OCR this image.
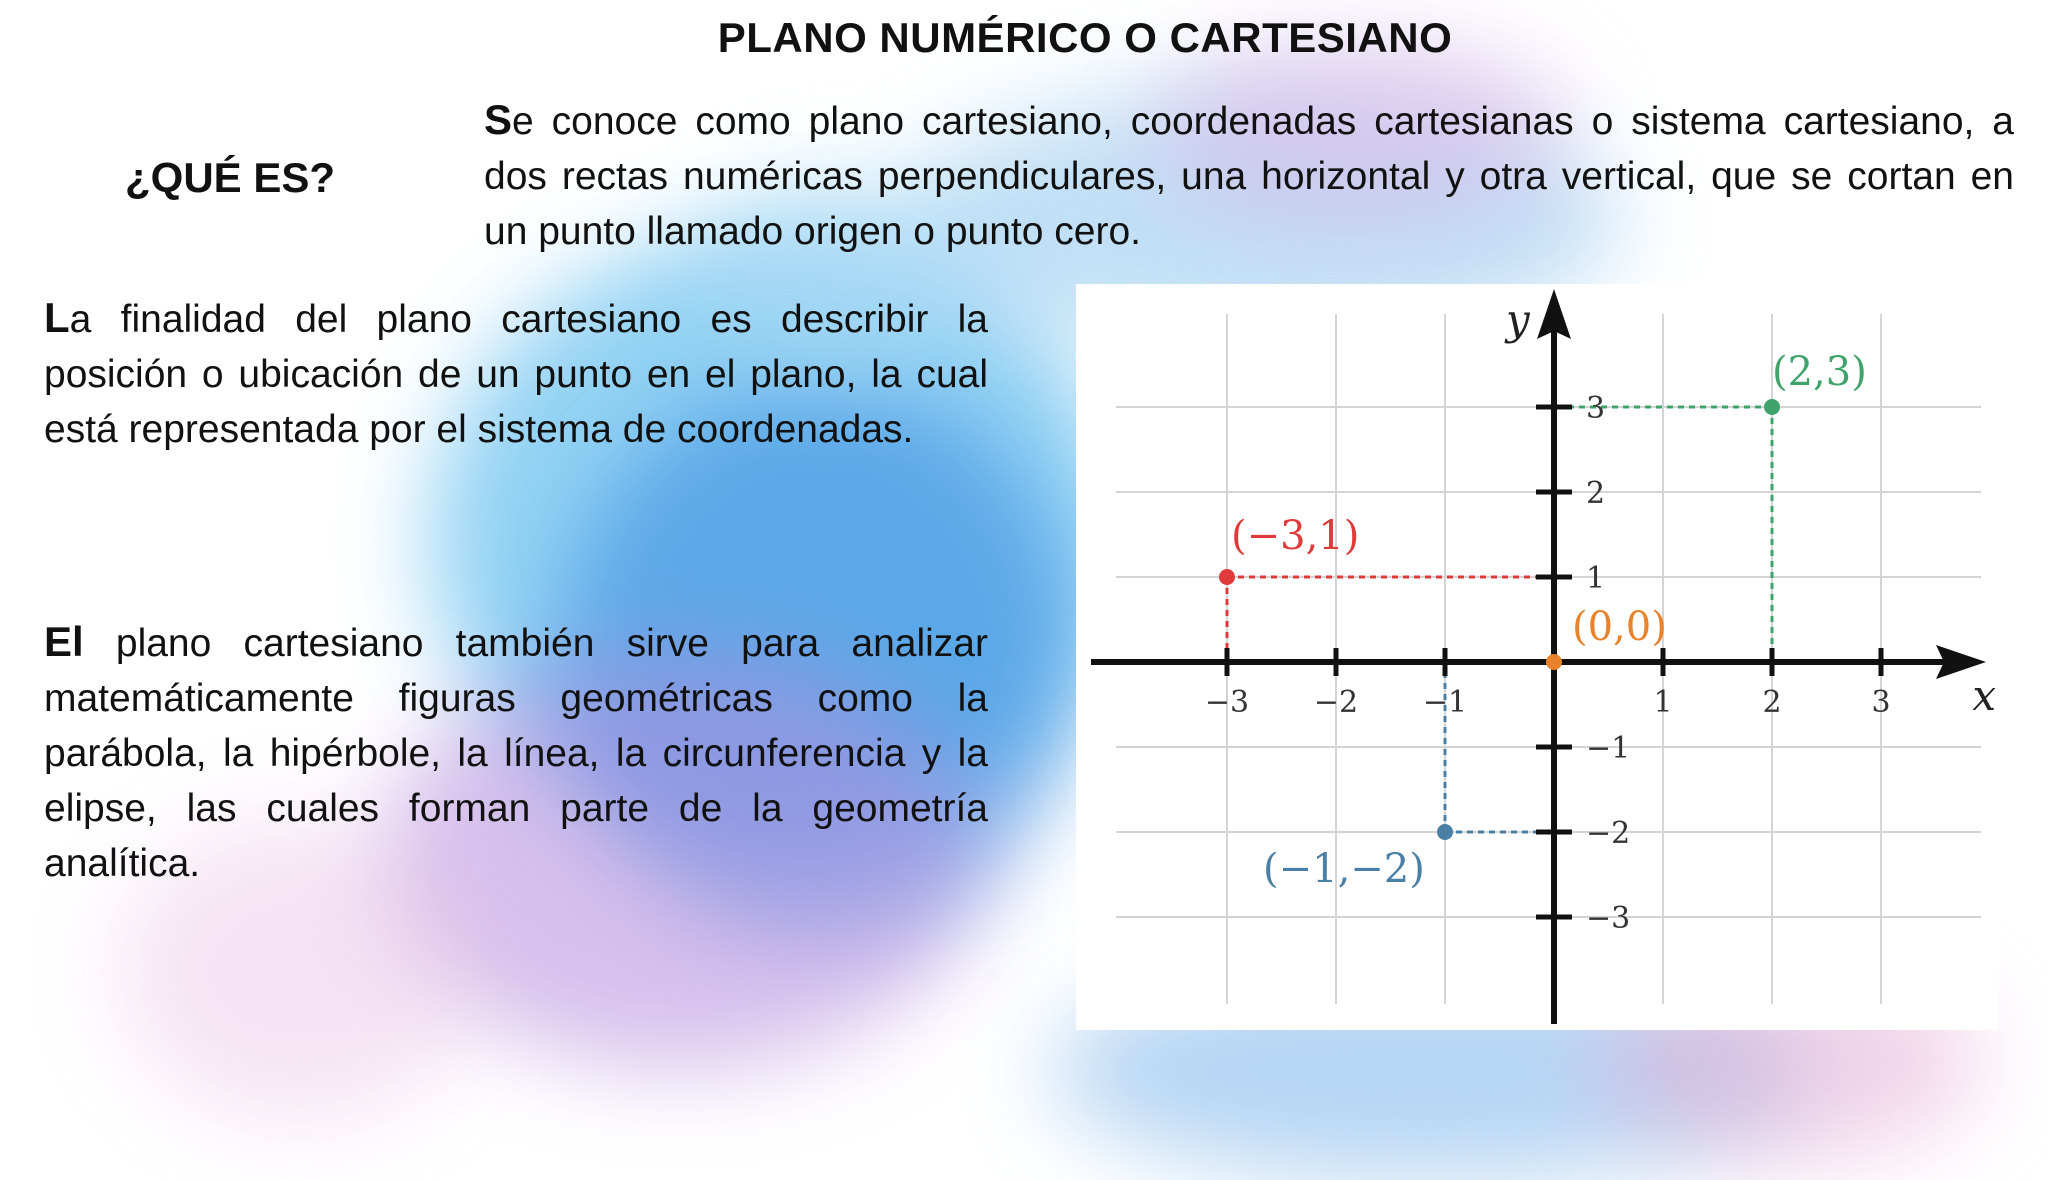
PLANO NUMÉRICO O CARTESIANO
¿QUÉ ES?
Se conoce como plano cartesiano, coordenadas cartesianas o sistema cartesiano, a dos rectas numéricas perpendiculares, una horizontal y otra vertical, que se cortan en un punto llamado origen o punto cero.
La finalidad del plano cartesiano es describir la posición o ubicación de un punto en el plano, la cual está representada por el sistema de coordenadas.
El plano cartesiano también sirve para analizar matemáticamente figuras geométricas como la parábola, la hipérbole, la línea, la circunferencia y la elipse, las cuales forman parte de la geometría analítica.
x
y
−3 −2 −1	1	2	3
3
2
1
−1
−2
−3
(2,3)
(−3,1)
(0,0)
(−1,−2)
